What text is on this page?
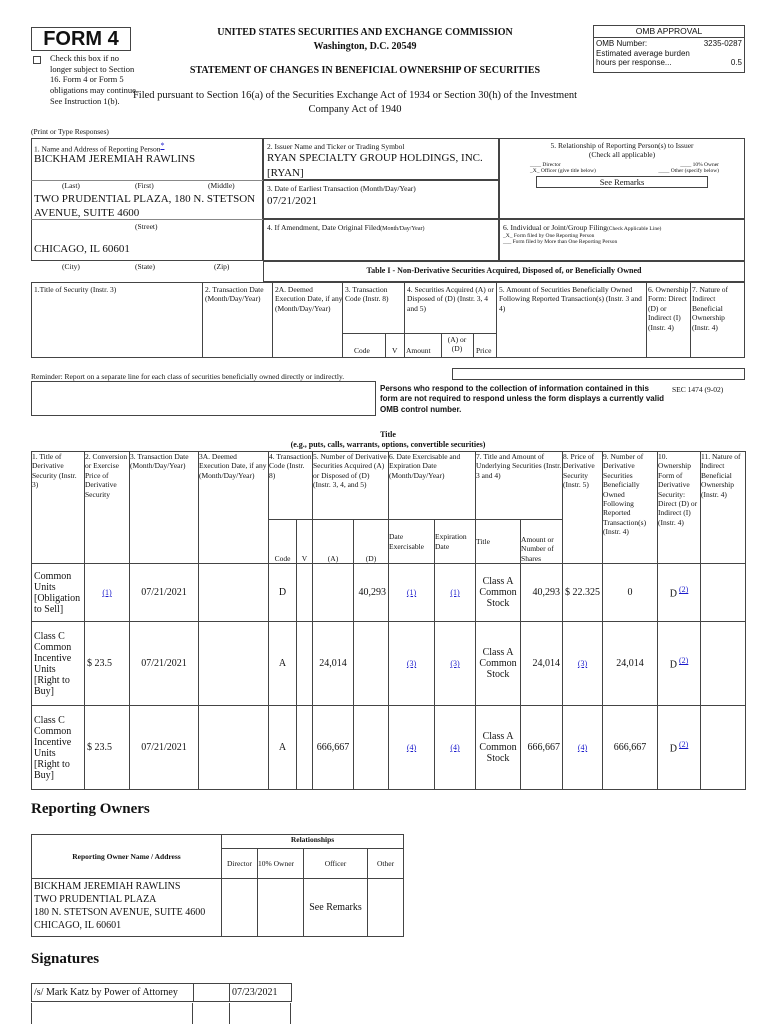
FORM 4
Check this box if no longer subject to Section 16. Form 4 or Form 5 obligations may continue. See Instruction 1(b).
UNITED STATES SECURITIES AND EXCHANGE COMMISSION
Washington, D.C. 20549
STATEMENT OF CHANGES IN BENEFICIAL OWNERSHIP OF SECURITIES
Filed pursuant to Section 16(a) of the Securities Exchange Act of 1934 or Section 30(h) of the Investment Company Act of 1940
OMB APPROVAL
OMB Number:	3235-0287
Estimated average burden hours per response...	0.5
(Print or Type Responses)
1. Name and Address of Reporting Person*
BICKHAM JEREMIAH RAWLINS
(Last)	(First)	(Middle)
TWO PRUDENTIAL PLAZA, 180 N. STETSON AVENUE, SUITE 4600
(Street)
CHICAGO, IL 60601
(City)	(State)	(Zip)
2. Issuer Name and Ticker or Trading Symbol
RYAN SPECIALTY GROUP HOLDINGS, INC. [RYAN]
3. Date of Earliest Transaction (Month/Day/Year)
07/21/2021
4. If Amendment, Date Original Filed(Month/Day/Year)
5. Relationship of Reporting Person(s) to Issuer
(Check all applicable)
____ Director	____ 10% Owner
_X_ Officer (give title below)	____ Other (specify below)
See Remarks
6. Individual or Joint/Group Filing(Check Applicable Line)
_X_ Form filed by One Reporting Person
___ Form filed by More than One Reporting Person
Table I - Non-Derivative Securities Acquired, Disposed of, or Beneficially Owned
1.Title of Security (Instr. 3)	2. Transaction Date (Month/Day/Year)
2A. Deemed Execution Date, if any (Month/Day/Year)
3. Transaction Code (Instr. 8)
4. Securities Acquired (A) or Disposed of (D) (Instr. 3, 4 and 5)
5. Amount of Securities Beneficially Owned Following Reported Transaction(s) (Instr. 3 and 4)
6. Ownership Form: Direct (D) or Indirect (I) (Instr. 4)
7. Nature of Indirect Beneficial Ownership (Instr. 4)
Code	V Amount
(A) or (D)	Price
Reminder: Report on a separate line for each class of securities beneficially owned directly or indirectly.
Persons who respond to the collection of information contained in this form are not required to respond unless the form displays a currently valid OMB control number.
SEC 1474 (9-02)
Title
(e.g., puts, calls, warrants, options, convertible securities)
1. Title of Derivative Security (Instr. 3)	2. Conversion or Exercise Price of Derivative Security	3. Transaction Date (Month/Day/Year)	3A. Deemed Execution Date, if any (Month/Day/Year)	4. Transaction Code (Instr. 8)		5. Number of Derivative Securities Acquired (A) or Disposed of (D) (Instr. 3, 4, and 5)		6. Date Exercisable and Expiration Date (Month/Day/Year)		7. Title and Amount of Underlying Securities (Instr. 3 and 4)		8. Price of Derivative Security (Instr. 5)	9. Number of Derivative Securities Beneficially Owned Following Reported Transaction(s) (Instr. 4)	10. Ownership Form of Derivative Security: Direct (D) or Indirect (I) (Instr. 4)	11. Nature of Indirect Beneficial Ownership (Instr. 4)
				Code	V	(A)	(D)	Date Exercisable	Expiration Date	Title	Amount or Number of Shares				
Common Units [Obligation to Sell]	(1)	07/21/2021		D			40,293	(1)	(1)	Class A Common Stock	40,293	$ 22.325	0	D $^{(2)}$	
Class C Common Incentive Units [Right to Buy]	$ 23.5	07/21/2021		A		24,014		(3)	(3)	Class A Common Stock	24,014	(3)	24,014	D $^{(2)}$	
Class C Common Incentive Units [Right to Buy]	$ 23.5	07/21/2021		A		666,667		(4)	(4)	Class A Common Stock	666,667	(4)	666,667	D $^{(2)}$	
Reporting Owners
Reporting Owner Name / Address	Relationships			
	Director	10% Owner	Officer	Other

BICKHAM JEREMIAH RAWLINS
TWO PRUDENTIAL PLAZA
180 N. STETSON AVENUE, SUITE 4600
CHICAGO, IL 60601			See Remarks	
Signatures
/s/ Mark Katz by Power of Attorney		07/23/2021
